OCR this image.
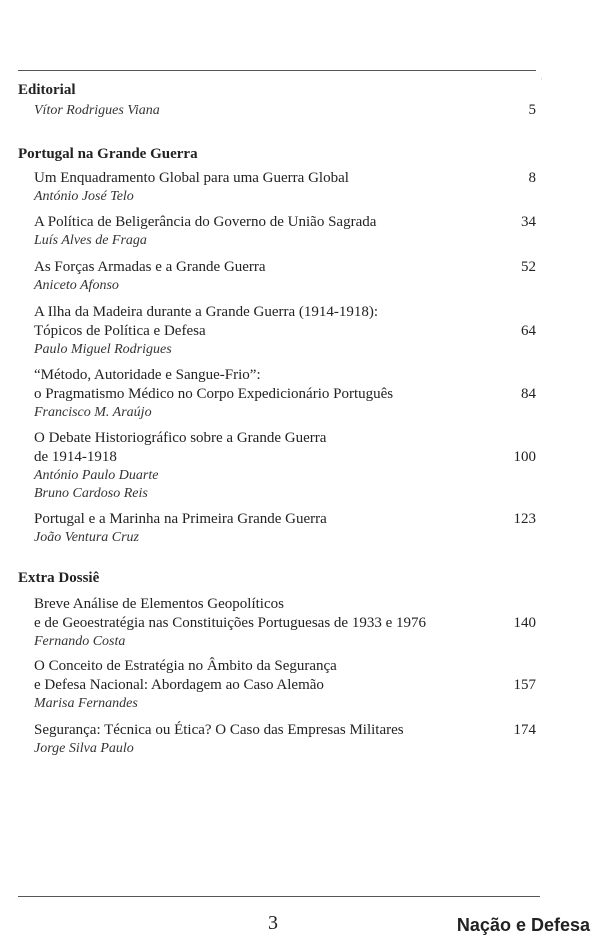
·
Editorial
Vítor Rodrigues Viana	5
Portugal na Grande Guerra
Um Enquadramento Global para uma Guerra Global
António José Telo
8
A Política de Beligerância do Governo de União Sagrada
Luís Alves de Fraga
34
As Forças Armadas e a Grande Guerra
Aniceto Afonso
52
A Ilha da Madeira durante a Grande Guerra (1914-1918):
Tópicos de Política e Defesa
Paulo Miguel Rodrigues
64
“Método, Autoridade e Sangue-Frio”:
o Pragmatismo Médico no Corpo Expedicionário Português
Francisco M. Araújo
84
O Debate Historiográfico sobre a Grande Guerra
de 1914-1918
António Paulo Duarte
Bruno Cardoso Reis
100
Portugal e a Marinha na Primeira Grande Guerra
João Ventura Cruz
123
Extra Dossiê
Breve Análise de Elementos Geopolíticos
e de Geoestratégia nas Constituições Portuguesas de 1933 e 1976
Fernando Costa
140
O Conceito de Estratégia no Âmbito da Segurança
e Defesa Nacional: Abordagem ao Caso Alemão
Marisa Fernandes
157
Segurança: Técnica ou Ética? O Caso das Empresas Militares
Jorge Silva Paulo
174
3	Nação e Defesa
